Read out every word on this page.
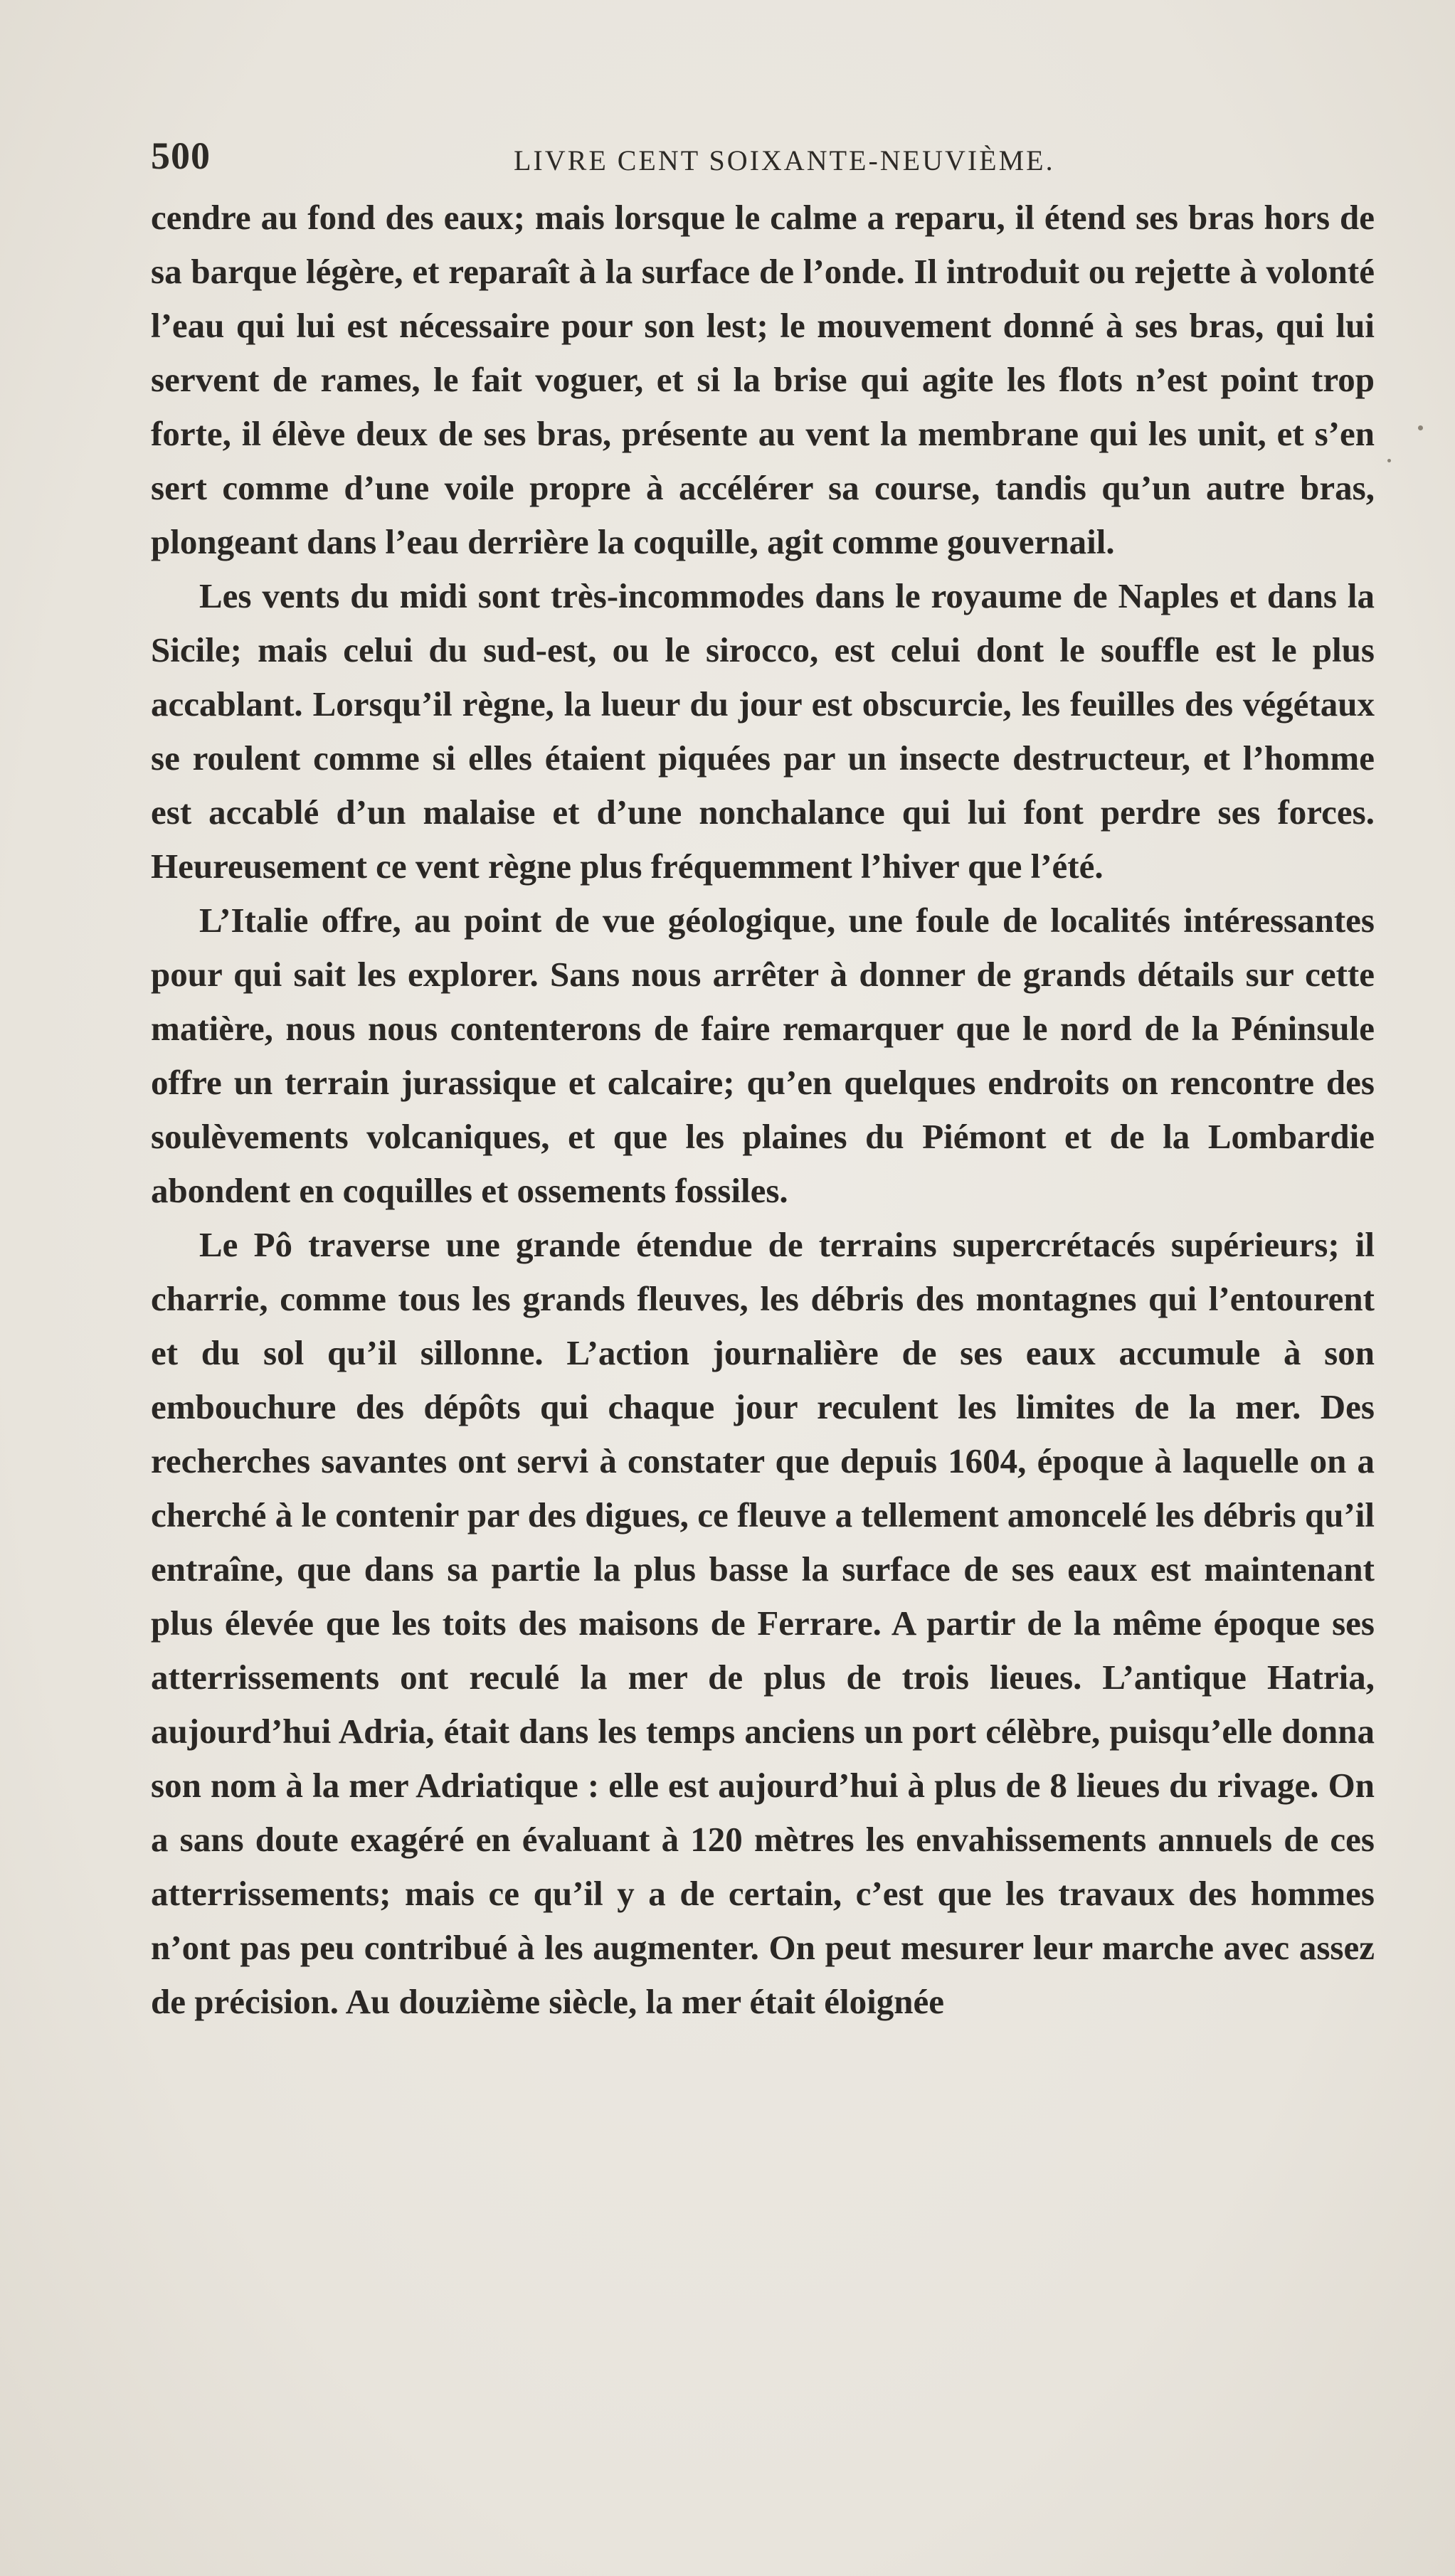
500	LIVRE CENT SOIXANTE-NEUVIÈME.

cendre au fond des eaux; mais lorsque le calme a reparu, il étend ses bras hors de sa barque légère, et reparaît à la surface de l’onde. Il introduit ou rejette à volonté l’eau qui lui est nécessaire pour son lest; le mouvement donné à ses bras, qui lui servent de rames, le fait voguer, et si la brise qui agite les flots n’est point trop forte, il élève deux de ses bras, présente au vent la membrane qui les unit, et s’en sert comme d’une voile propre à accélérer sa course, tandis qu’un autre bras, plongeant dans l’eau derrière la coquille, agit comme gouvernail.

Les vents du midi sont très-incommodes dans le royaume de Naples et dans la Sicile; mais celui du sud-est, ou le sirocco, est celui dont le souffle est le plus accablant. Lorsqu’il règne, la lueur du jour est obscurcie, les feuilles des végétaux se roulent comme si elles étaient piquées par un insecte destructeur, et l’homme est accablé d’un malaise et d’une nonchalance qui lui font perdre ses forces. Heureusement ce vent règne plus fréquemment l’hiver que l’été.

L’Italie offre, au point de vue géologique, une foule de localités intéressantes pour qui sait les explorer. Sans nous arrêter à donner de grands détails sur cette matière, nous nous contenterons de faire remarquer que le nord de la Péninsule offre un terrain jurassique et calcaire; qu’en quelques endroits on rencontre des soulèvements volcaniques, et que les plaines du Piémont et de la Lombardie abondent en coquilles et ossements fossiles.

Le Pô traverse une grande étendue de terrains supercrétacés supérieurs; il charrie, comme tous les grands fleuves, les débris des montagnes qui l’entourent et du sol qu’il sillonne. L’action journalière de ses eaux accumule à son embouchure des dépôts qui chaque jour reculent les limites de la mer. Des recherches savantes ont servi à constater que depuis 1604, époque à laquelle on a cherché à le contenir par des digues, ce fleuve a tellement amoncelé les débris qu’il entraîne, que dans sa partie la plus basse la surface de ses eaux est maintenant plus élevée que les toits des maisons de Ferrare. A partir de la même époque ses atterrissements ont reculé la mer de plus de trois lieues. L’antique Hatria, aujourd’hui Adria, était dans les temps anciens un port célèbre, puisqu’elle donna son nom à la mer Adriatique : elle est aujourd’hui à plus de 8 lieues du rivage. On a sans doute exagéré en évaluant à 120 mètres les envahissements annuels de ces atterrissements; mais ce qu’il y a de certain, c’est que les travaux des hommes n’ont pas peu contribué à les augmenter. On peut mesurer leur marche avec assez de précision. Au douzième siècle, la mer était éloignée
